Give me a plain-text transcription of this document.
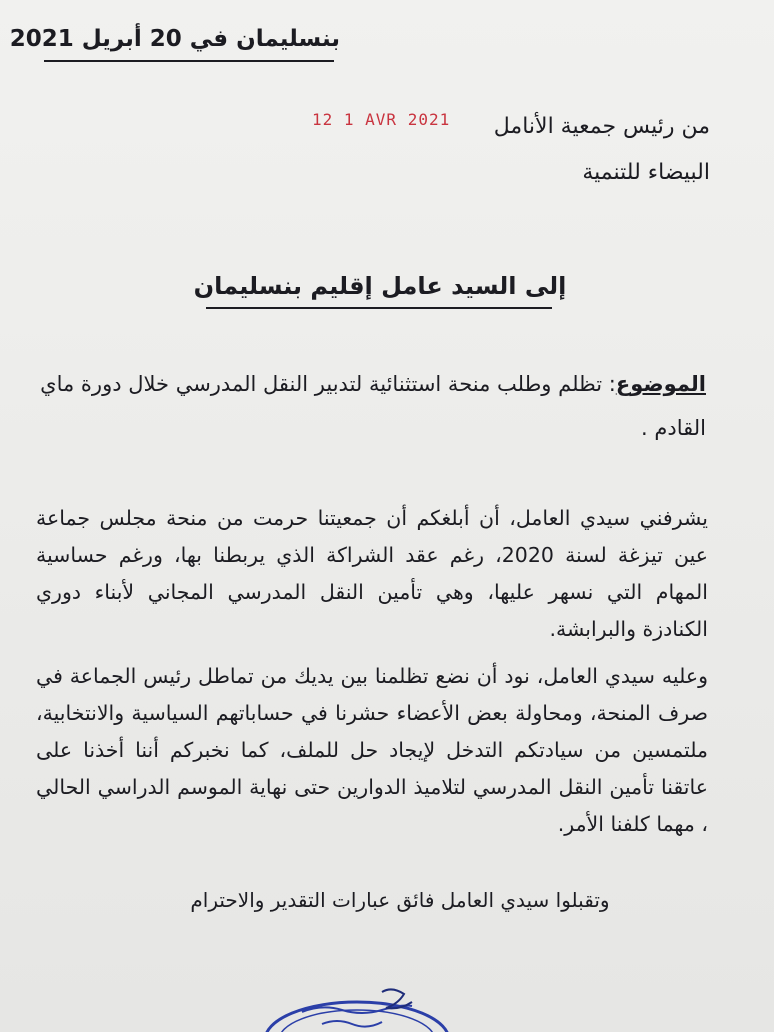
بنسليمان في 20 أبريل 2021
12 1 AVR 2021	من رئيس جمعية الأنامل
البيضاء للتنمية
إلى السيد عامل إقليم بنسليمان
الموضوع: تظلم وطلب منحة استثنائية لتدبير النقل المدرسي خلال دورة ماي القادم .
يشرفني سيدي العامل، أن أبلغكم أن جمعيتنا حرمت من منحة مجلس جماعة عين تيزغة لسنة 2020، رغم عقد الشراكة الذي يربطنا بها، ورغم حساسية المهام التي نسهر عليها، وهي تأمين النقل المدرسي المجاني لأبناء دوري الكنادزة والبرابشة.
وعليه سيدي العامل، نود أن نضع تظلمنا بين يديك من تماطل رئيس الجماعة في صرف المنحة، ومحاولة بعض الأعضاء حشرنا في حساباتهم السياسية والانتخابية، ملتمسين من سيادتكم التدخل لإيجاد حل للملف، كما نخبركم أننا أخذنا على عاتقنا تأمين النقل المدرسي لتلاميذ الدوارين حتى نهاية الموسم الدراسي الحالي ، مهما كلفنا الأمر.
وتقبلوا سيدي العامل فائق عبارات التقدير والاحترام
